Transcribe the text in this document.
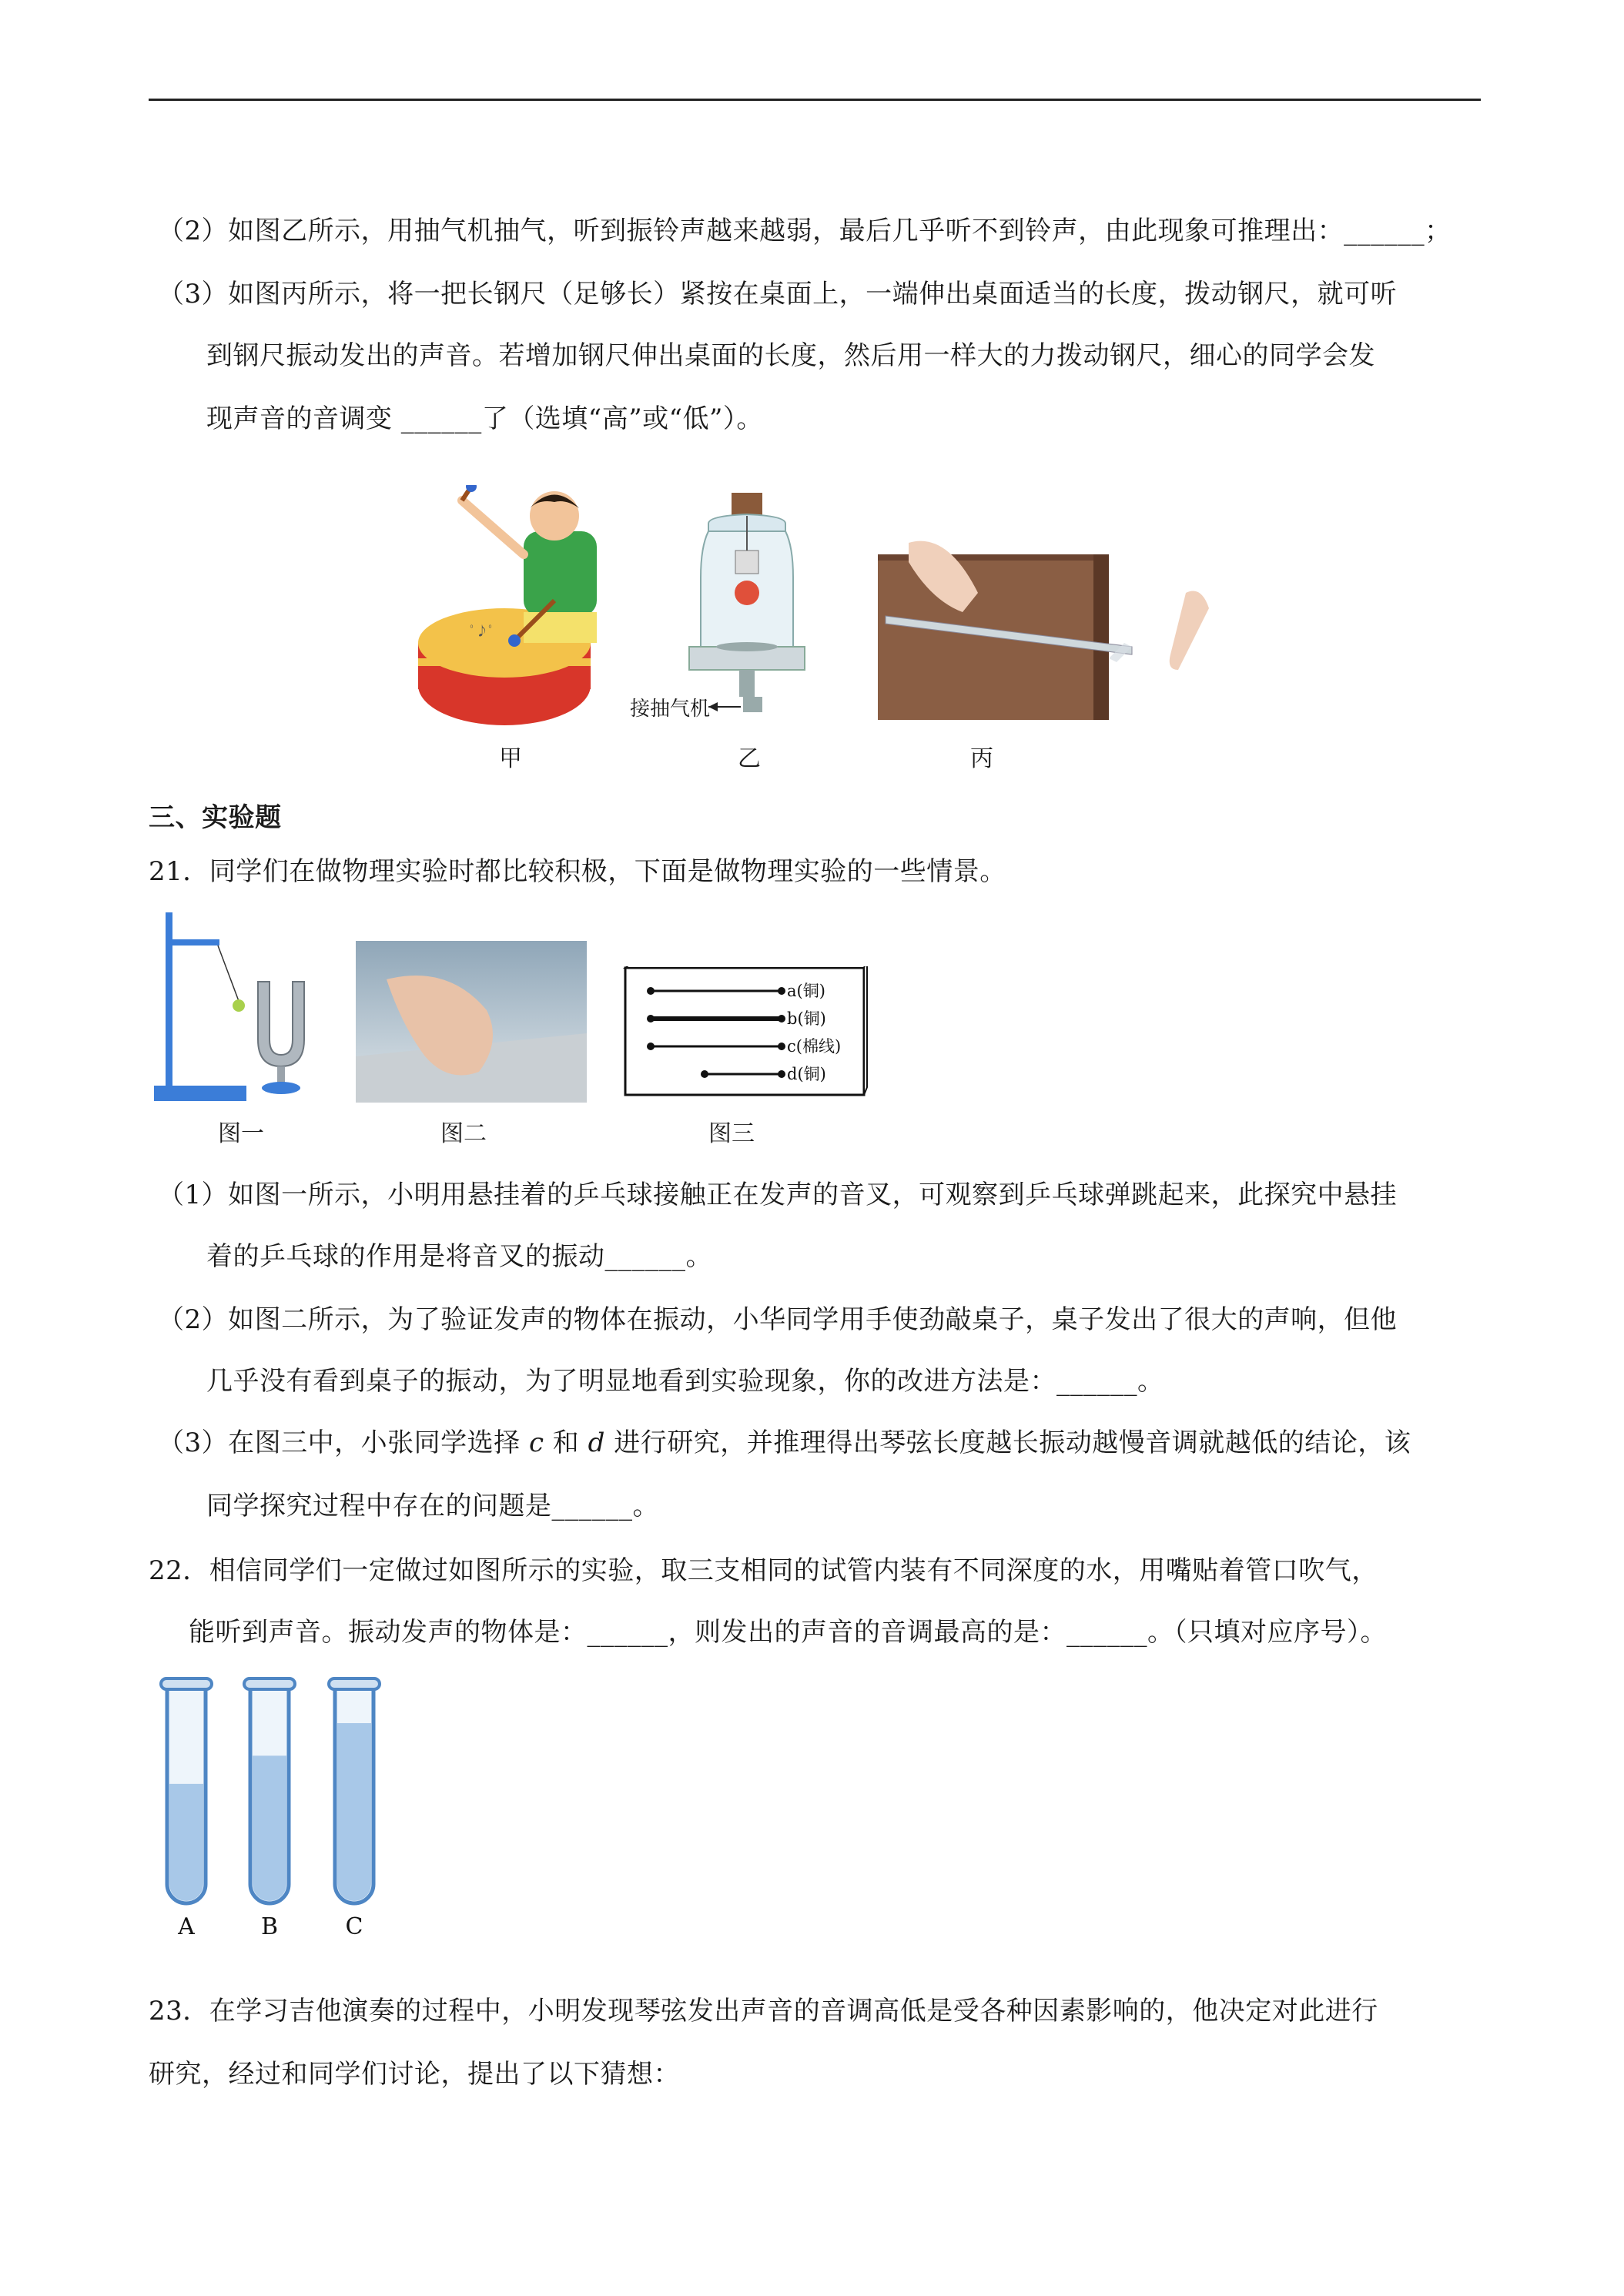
（2）如图乙所示，用抽气机抽气，听到振铃声越来越弱，最后几乎听不到铃声，由此现象可推理出：______；
（3）如图丙所示，将一把长钢尺（足够长）紧按在桌面上，一端伸出桌面适当的长度，拨动钢尺，就可听
到钢尺振动发出的声音。若增加钢尺伸出桌面的长度，然后用一样大的力拨动钢尺，细心的同学会发
现声音的音调变 ______了（选填“高”或“低”）。
ﾟ♪ﾟ
甲
接抽气机
乙	丙
三、实验题
21．同学们在做物理实验时都比较积极，下面是做物理实验的一些情景。
图一	图二
a(铜)
b(铜)
c(棉线)
d(铜)
图三
（1）如图一所示，小明用悬挂着的乒乓球接触正在发声的音叉，可观察到乒乓球弹跳起来，此探究中悬挂
着的乒乓球的作用是将音叉的振动______。
（2）如图二所示，为了验证发声的物体在振动，小华同学用手使劲敲桌子，桌子发出了很大的声响，但他
几乎没有看到桌子的振动，为了明显地看到实验现象，你的改进方法是：______。
（3）在图三中，小张同学选择 c 和 d 进行研究，并推理得出琴弦长度越长振动越慢音调就越低的结论，该
同学探究过程中存在的问题是______。
22．相信同学们一定做过如图所示的实验，取三支相同的试管内装有不同深度的水，用嘴贴着管口吹气，
能听到声音。振动发声的物体是：______，则发出的声音的音调最高的是：______。（只填对应序号）。
A	B	C
23．在学习吉他演奏的过程中，小明发现琴弦发出声音的音调高低是受各种因素影响的，他决定对此进行
研究，经过和同学们讨论，提出了以下猜想：
